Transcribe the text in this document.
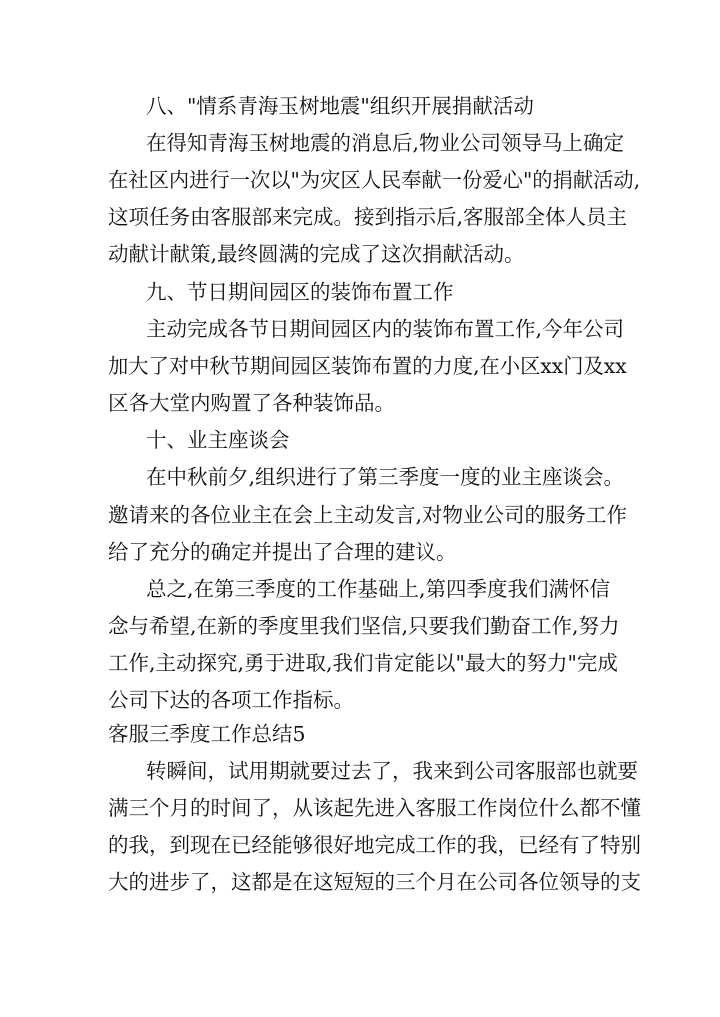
八、"情系青海玉树地震"组织开展捐献活动
在得知青海玉树地震的消息后,物业公司领导马上确定
在社区内进行一次以"为灾区人民奉献一份爱心"的捐献活动,
这项任务由客服部来完成。接到指示后,客服部全体人员主
动献计献策,最终圆满的完成了这次捐献活动。
九、节日期间园区的装饰布置工作
主动完成各节日期间园区内的装饰布置工作,今年公司
加大了对中秋节期间园区装饰布置的力度,在小区xx门及xx
区各大堂内购置了各种装饰品。
十、业主座谈会
在中秋前夕,组织进行了第三季度一度的业主座谈会。
邀请来的各位业主在会上主动发言,对物业公司的服务工作
给了充分的确定并提出了合理的建议。
总之,在第三季度的工作基础上,第四季度我们满怀信
念与希望,在新的季度里我们坚信,只要我们勤奋工作,努力
工作,主动探究,勇于进取,我们肯定能以"最大的努力"完成
公司下达的各项工作指标。
客服三季度工作总结5
转瞬间，试用期就要过去了，我来到公司客服部也就要
满三个月的时间了，从该起先进入客服工作岗位什么都不懂
的我，到现在已经能够很好地完成工作的我，已经有了特别
大的进步了，这都是在这短短的三个月在公司各位领导的支
